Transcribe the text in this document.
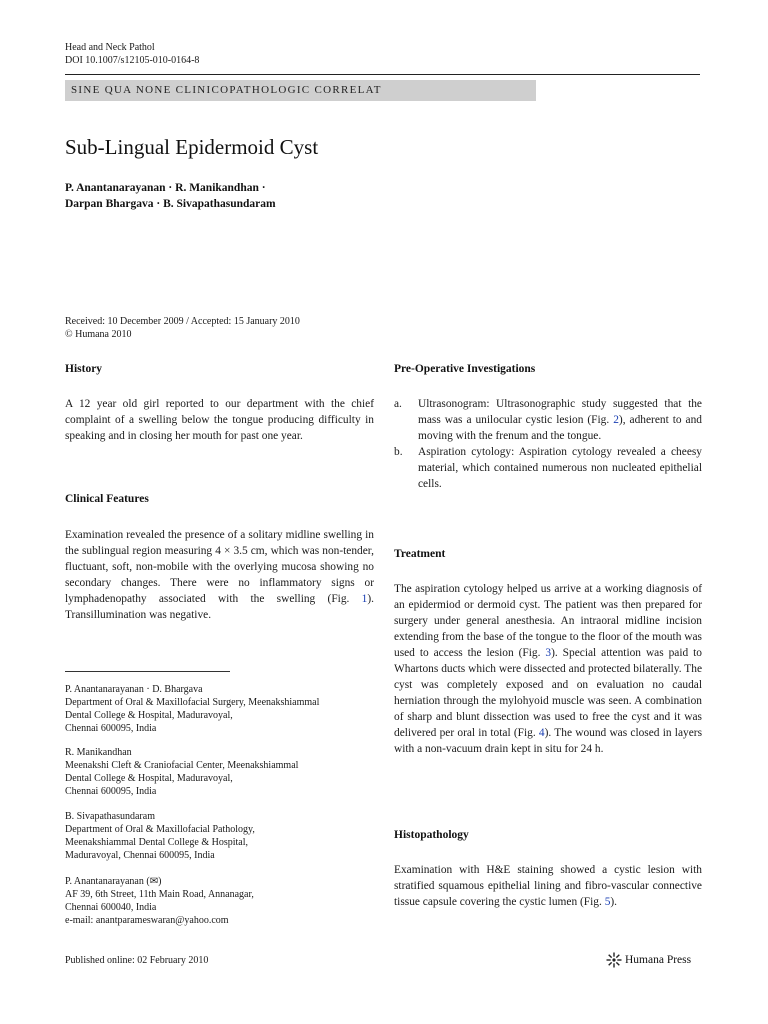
Head and Neck Pathol
DOI 10.1007/s12105-010-0164-8
SINE QUA NONE CLINICOPATHOLOGIC CORRELAT
Sub-Lingual Epidermoid Cyst
P. Anantanarayanan · R. Manikandhan ·
Darpan Bhargava · B. Sivapathasundaram
Received: 10 December 2009 / Accepted: 15 January 2010
© Humana 2010
History
A 12 year old girl reported to our department with the chief complaint of a swelling below the tongue producing difficulty in speaking and in closing her mouth for past one year.
Clinical Features
Examination revealed the presence of a solitary midline swelling in the sublingual region measuring 4 × 3.5 cm, which was non-tender, fluctuant, soft, non-mobile with the overlying mucosa showing no secondary changes. There were no inflammatory signs or lymphadenopathy associated with the swelling (Fig. 1). Transillumination was negative.
P. Anantanarayanan · D. Bhargava
Department of Oral & Maxillofacial Surgery, Meenakshiammal
Dental College & Hospital, Maduravoyal,
Chennai 600095, India
R. Manikandhan
Meenakshi Cleft & Craniofacial Center, Meenakshiammal
Dental College & Hospital, Maduravoyal,
Chennai 600095, India
B. Sivapathasundaram
Department of Oral & Maxillofacial Pathology,
Meenakshiammal Dental College & Hospital,
Maduravoyal, Chennai 600095, India
P. Anantanarayanan (✉)
AF 39, 6th Street, 11th Main Road, Annanagar,
Chennai 600040, India
e-mail: anantparameswaran@yahoo.com
Pre-Operative Investigations
a. Ultrasonogram: Ultrasonographic study suggested that the mass was a unilocular cystic lesion (Fig. 2), adherent to and moving with the frenum and the tongue.
b. Aspiration cytology: Aspiration cytology revealed a cheesy material, which contained numerous non nucleated epithelial cells.
Treatment
The aspiration cytology helped us arrive at a working diagnosis of an epidermiod or dermoid cyst. The patient was then prepared for surgery under general anesthesia. An intraoral midline incision extending from the base of the tongue to the floor of the mouth was used to access the lesion (Fig. 3). Special attention was paid to Whartons ducts which were dissected and protected bilaterally. The cyst was completely exposed and on evaluation no caudal herniation through the mylohyoid muscle was seen. A combination of sharp and blunt dissection was used to free the cyst and it was delivered per oral in total (Fig. 4). The wound was closed in layers with a non-vacuum drain kept in situ for 24 h.
Histopathology
Examination with H&E staining showed a cystic lesion with stratified squamous epithelial lining and fibro-vascular connective tissue capsule covering the cystic lumen (Fig. 5).
Published online: 02 February 2010	Humana Press
